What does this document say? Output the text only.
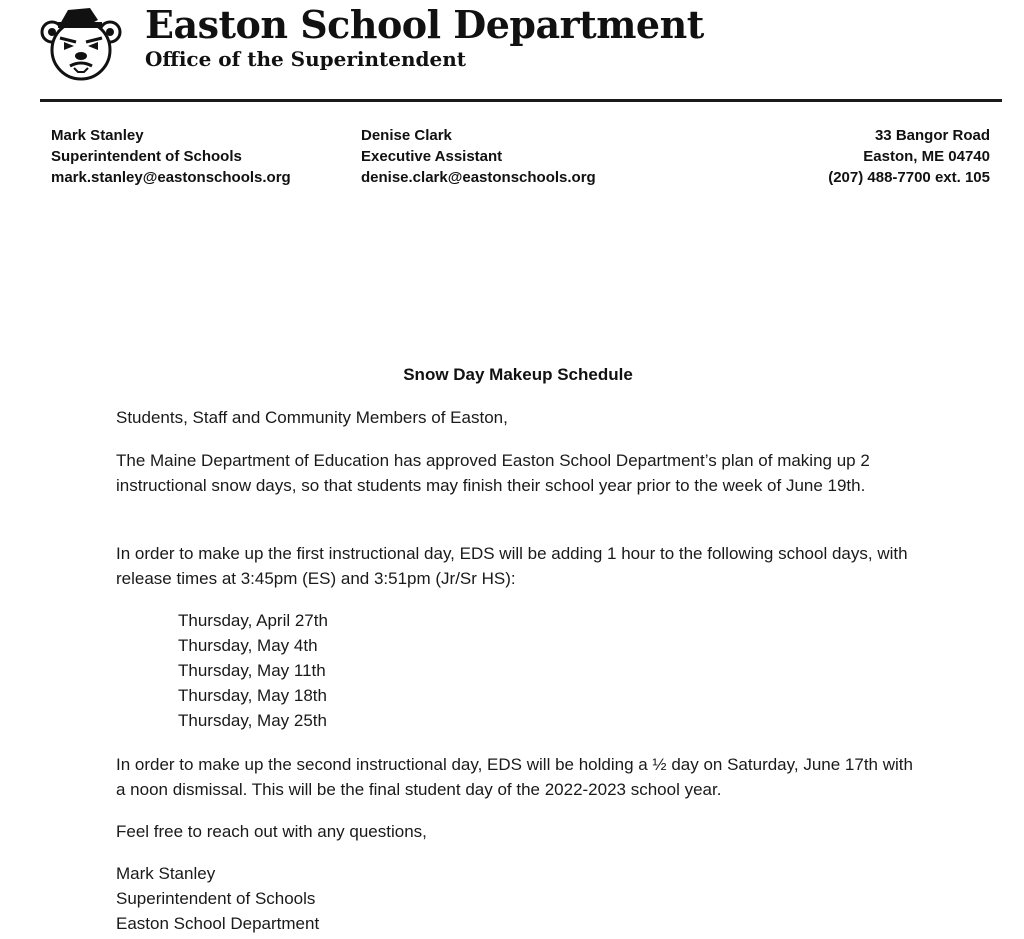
Easton School Department
Office of the Superintendent
Mark Stanley
Superintendent of Schools
mark.stanley@eastonschools.org
Denise Clark
Executive Assistant
denise.clark@eastonschools.org
33 Bangor Road
Easton, ME 04740
(207) 488-7700 ext. 105
Snow Day Makeup Schedule
Students, Staff and Community Members of Easton,
The Maine Department of Education has approved Easton School Department’s plan of making up 2 instructional snow days, so that students may finish their school year prior to the week of June 19th.
In order to make up the first instructional day, EDS will be adding 1 hour to the following school days, with release times at 3:45pm (ES) and 3:51pm (Jr/Sr HS):
Thursday, April 27th
Thursday, May 4th
Thursday, May 11th
Thursday, May 18th
Thursday, May 25th
In order to make up the second instructional day, EDS will be holding a ½ day on Saturday, June 17th with a noon dismissal. This will be the final student day of the 2022-2023 school year.
Feel free to reach out with any questions,
Mark Stanley
Superintendent of Schools
Easton School Department
